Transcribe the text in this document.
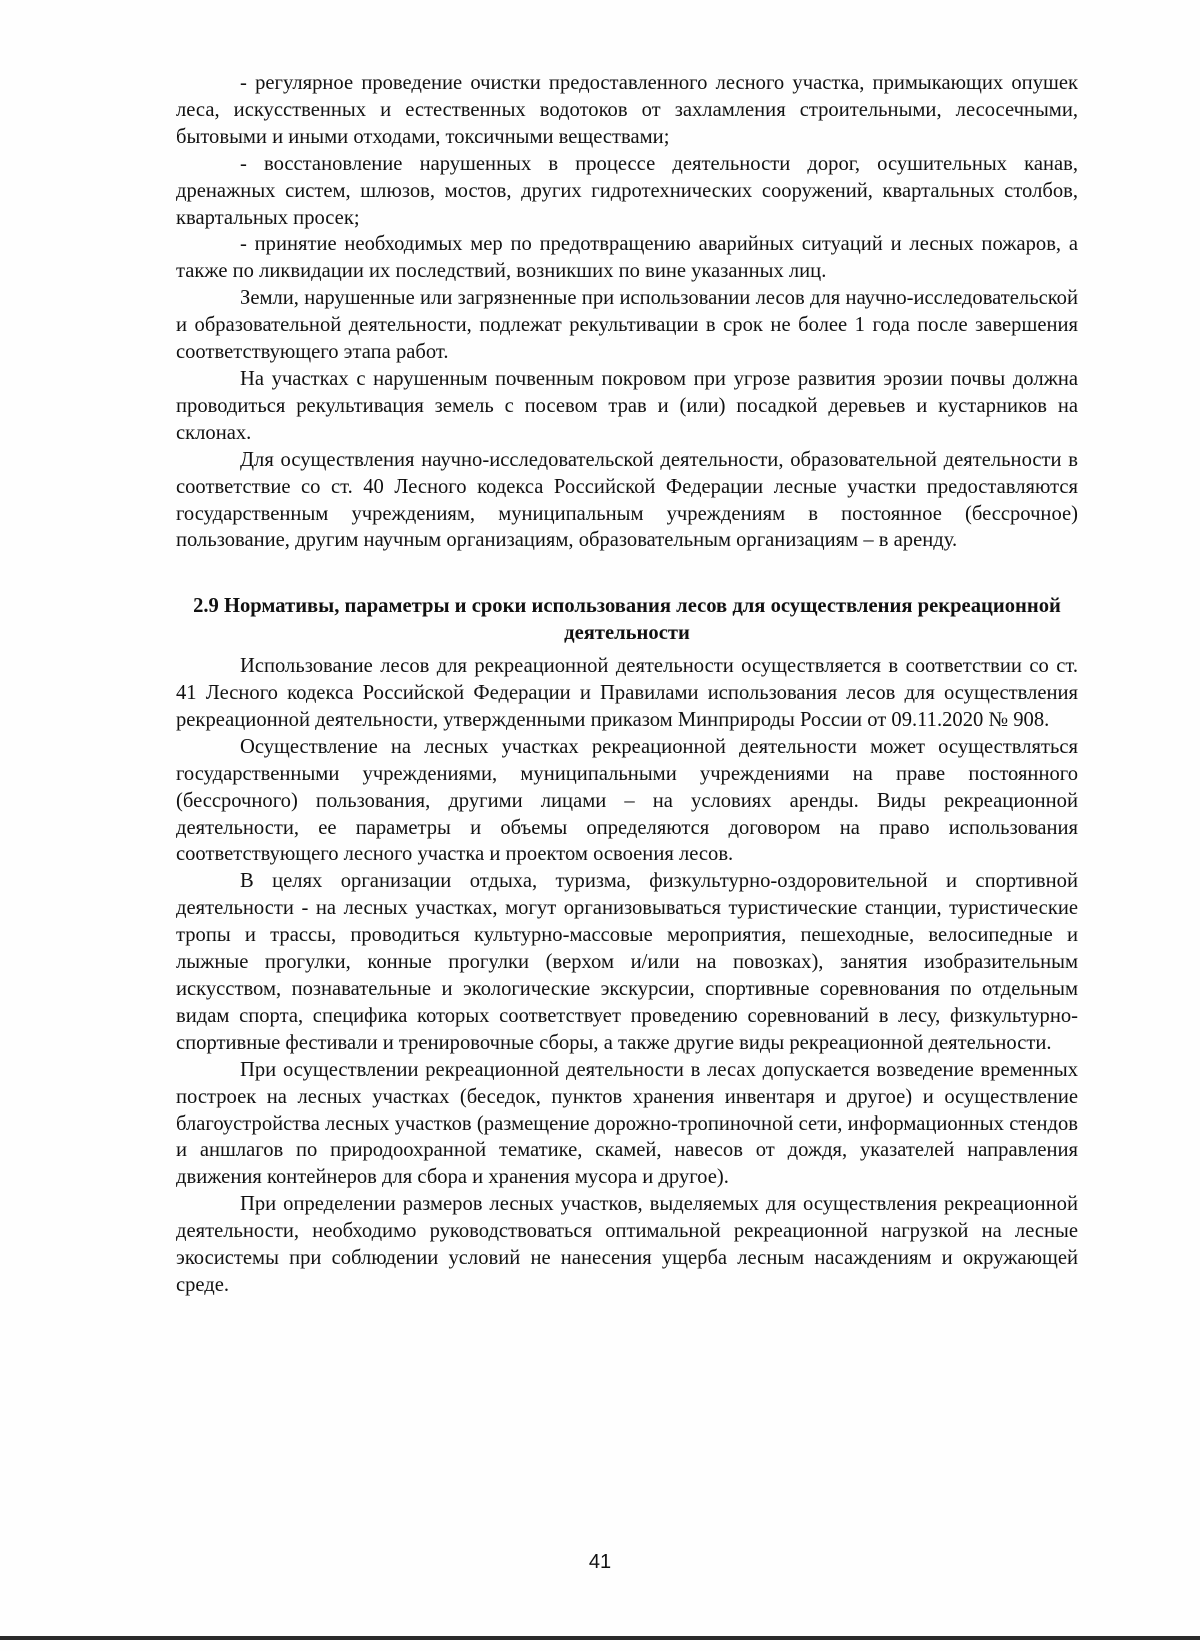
- регулярное проведение очистки предоставленного лесного участка, примыкающих опушек леса, искусственных и естественных водотоков от захламления строительными, лесосечными, бытовыми и иными отходами, токсичными веществами;

- восстановление нарушенных в процессе деятельности дорог, осушительных канав, дренажных систем, шлюзов, мостов, других гидротехнических сооружений, квартальных столбов, квартальных просек;

- принятие необходимых мер по предотвращению аварийных ситуаций и лесных пожаров, а также по ликвидации их последствий, возникших по вине указанных лиц.

Земли, нарушенные или загрязненные при использовании лесов для научно-исследовательской и образовательной деятельности, подлежат рекультивации в срок не более 1 года после завершения соответствующего этапа работ.

На участках с нарушенным почвенным покровом при угрозе развития эрозии почвы должна проводиться рекультивация земель с посевом трав и (или) посадкой деревьев и кустарников на склонах.

Для осуществления научно-исследовательской деятельности, образовательной деятельности в соответствие со ст. 40 Лесного кодекса Российской Федерации лесные участки предоставляются государственным учреждениям, муниципальным учреждениям в постоянное (бессрочное) пользование, другим научным организациям, образовательным организациям – в аренду.

2.9 Нормативы, параметры и сроки использования лесов для осуществления рекреационной деятельности

Использование лесов для рекреационной деятельности осуществляется в соответствии со ст. 41 Лесного кодекса Российской Федерации и Правилами использования лесов для осуществления рекреационной деятельности, утвержденными приказом Минприроды России от 09.11.2020 № 908.

Осуществление на лесных участках рекреационной деятельности может осуществляться государственными учреждениями, муниципальными учреждениями на праве постоянного (бессрочного) пользования, другими лицами – на условиях аренды. Виды рекреационной деятельности, ее параметры и объемы определяются договором на право использования соответствующего лесного участка и проектом освоения лесов.

В целях организации отдыха, туризма, физкультурно-оздоровительной и спортивной деятельности - на лесных участках, могут организовываться туристические станции, туристические тропы и трассы, проводиться культурно-массовые мероприятия, пешеходные, велосипедные и лыжные прогулки, конные прогулки (верхом и/или на повозках), занятия изобразительным искусством, познавательные и экологические экскурсии, спортивные соревнования по отдельным видам спорта, специфика которых соответствует проведению соревнований в лесу, физкультурно-спортивные фестивали и тренировочные сборы, а также другие виды рекреационной деятельности.

При осуществлении рекреационной деятельности в лесах допускается возведение временных построек на лесных участках (беседок, пунктов хранения инвентаря и другое) и осуществление благоустройства лесных участков (размещение дорожно-тропиночной сети, информационных стендов и аншлагов по природоохранной тематике, скамей, навесов от дождя, указателей направления движения контейнеров для сбора и хранения мусора и другое).

При определении размеров лесных участков, выделяемых для осуществления рекреационной деятельности, необходимо руководствоваться оптимальной рекреационной нагрузкой на лесные экосистемы при соблюдении условий не нанесения ущерба лесным насаждениям и окружающей среде.

41
